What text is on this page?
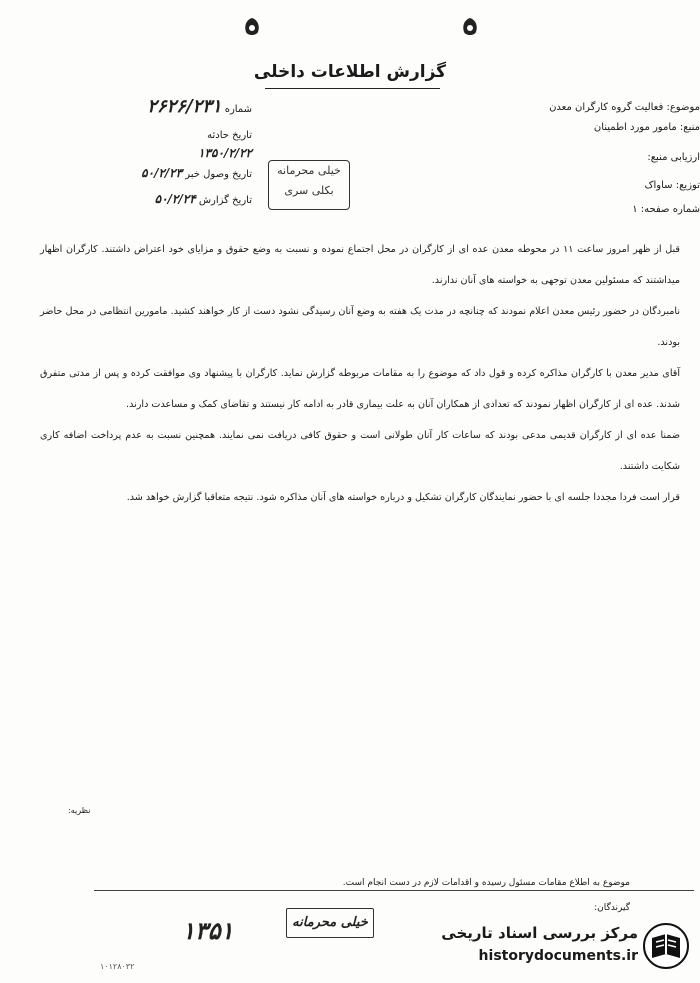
گزارش اطلاعات داخلی
موضوع: فعالیت گروه کارگران معدن
منبع: مامور مورد اطمینان
ارزیابی منبع:
توزیع: ساواک
شماره صفحه: ۱
شماره ۲۶۲۶/۲۳۱
تاریخ حادثه
۱۳۵۰/۲/۲۲
تاریخ وصول خبر ۵۰/۲/۲۳
تاریخ گزارش ۵۰/۲/۲۴
خیلی محرمانه
بکلی سری
قبل از ظهر امروز ساعت ۱۱ در محوطه معدن عده ای از کارگران در محل اجتماع نموده و نسبت به وضع حقوق و مزایای خود اعتراض داشتند. کارگران اظهار میداشتند که مسئولین معدن توجهی به خواسته های آنان ندارند.
نامبردگان در حضور رئیس معدن اعلام نمودند که چنانچه در مدت یک هفته به وضع آنان رسیدگی نشود دست از کار خواهند کشید. مامورین انتظامی در محل حاضر بودند.
آقای مدیر معدن با کارگران مذاکره کرده و قول داد که موضوع را به مقامات مربوطه گزارش نماید. کارگران با پیشنهاد وی موافقت کرده و پس از مدتی متفرق شدند. عده ای از کارگران اظهار نمودند که تعدادی از همکاران آنان به علت بیماری قادر به ادامه کار نیستند و تقاضای کمک و مساعدت دارند.
ضمنا عده ای از کارگران قدیمی مدعی بودند که ساعات کار آنان طولانی است و حقوق کافی دریافت نمی نمایند. همچنین نسبت به عدم پرداخت اضافه کاری شکایت داشتند.
قرار است فردا مجددا جلسه ای با حضور نمایندگان کارگران تشکیل و درباره خواسته های آنان مذاکره شود. نتیجه متعاقبا گزارش خواهد شد.
نظریه:
موضوع به اطلاع مقامات مسئول رسیده و اقدامات لازم در دست انجام است.
گیرندگان:
خیلی محرمانه
۱۳۵۱
۱۰۱۲۸۰۳۲
مرکز بررسی اسناد تاریخی
historydocuments.ir
